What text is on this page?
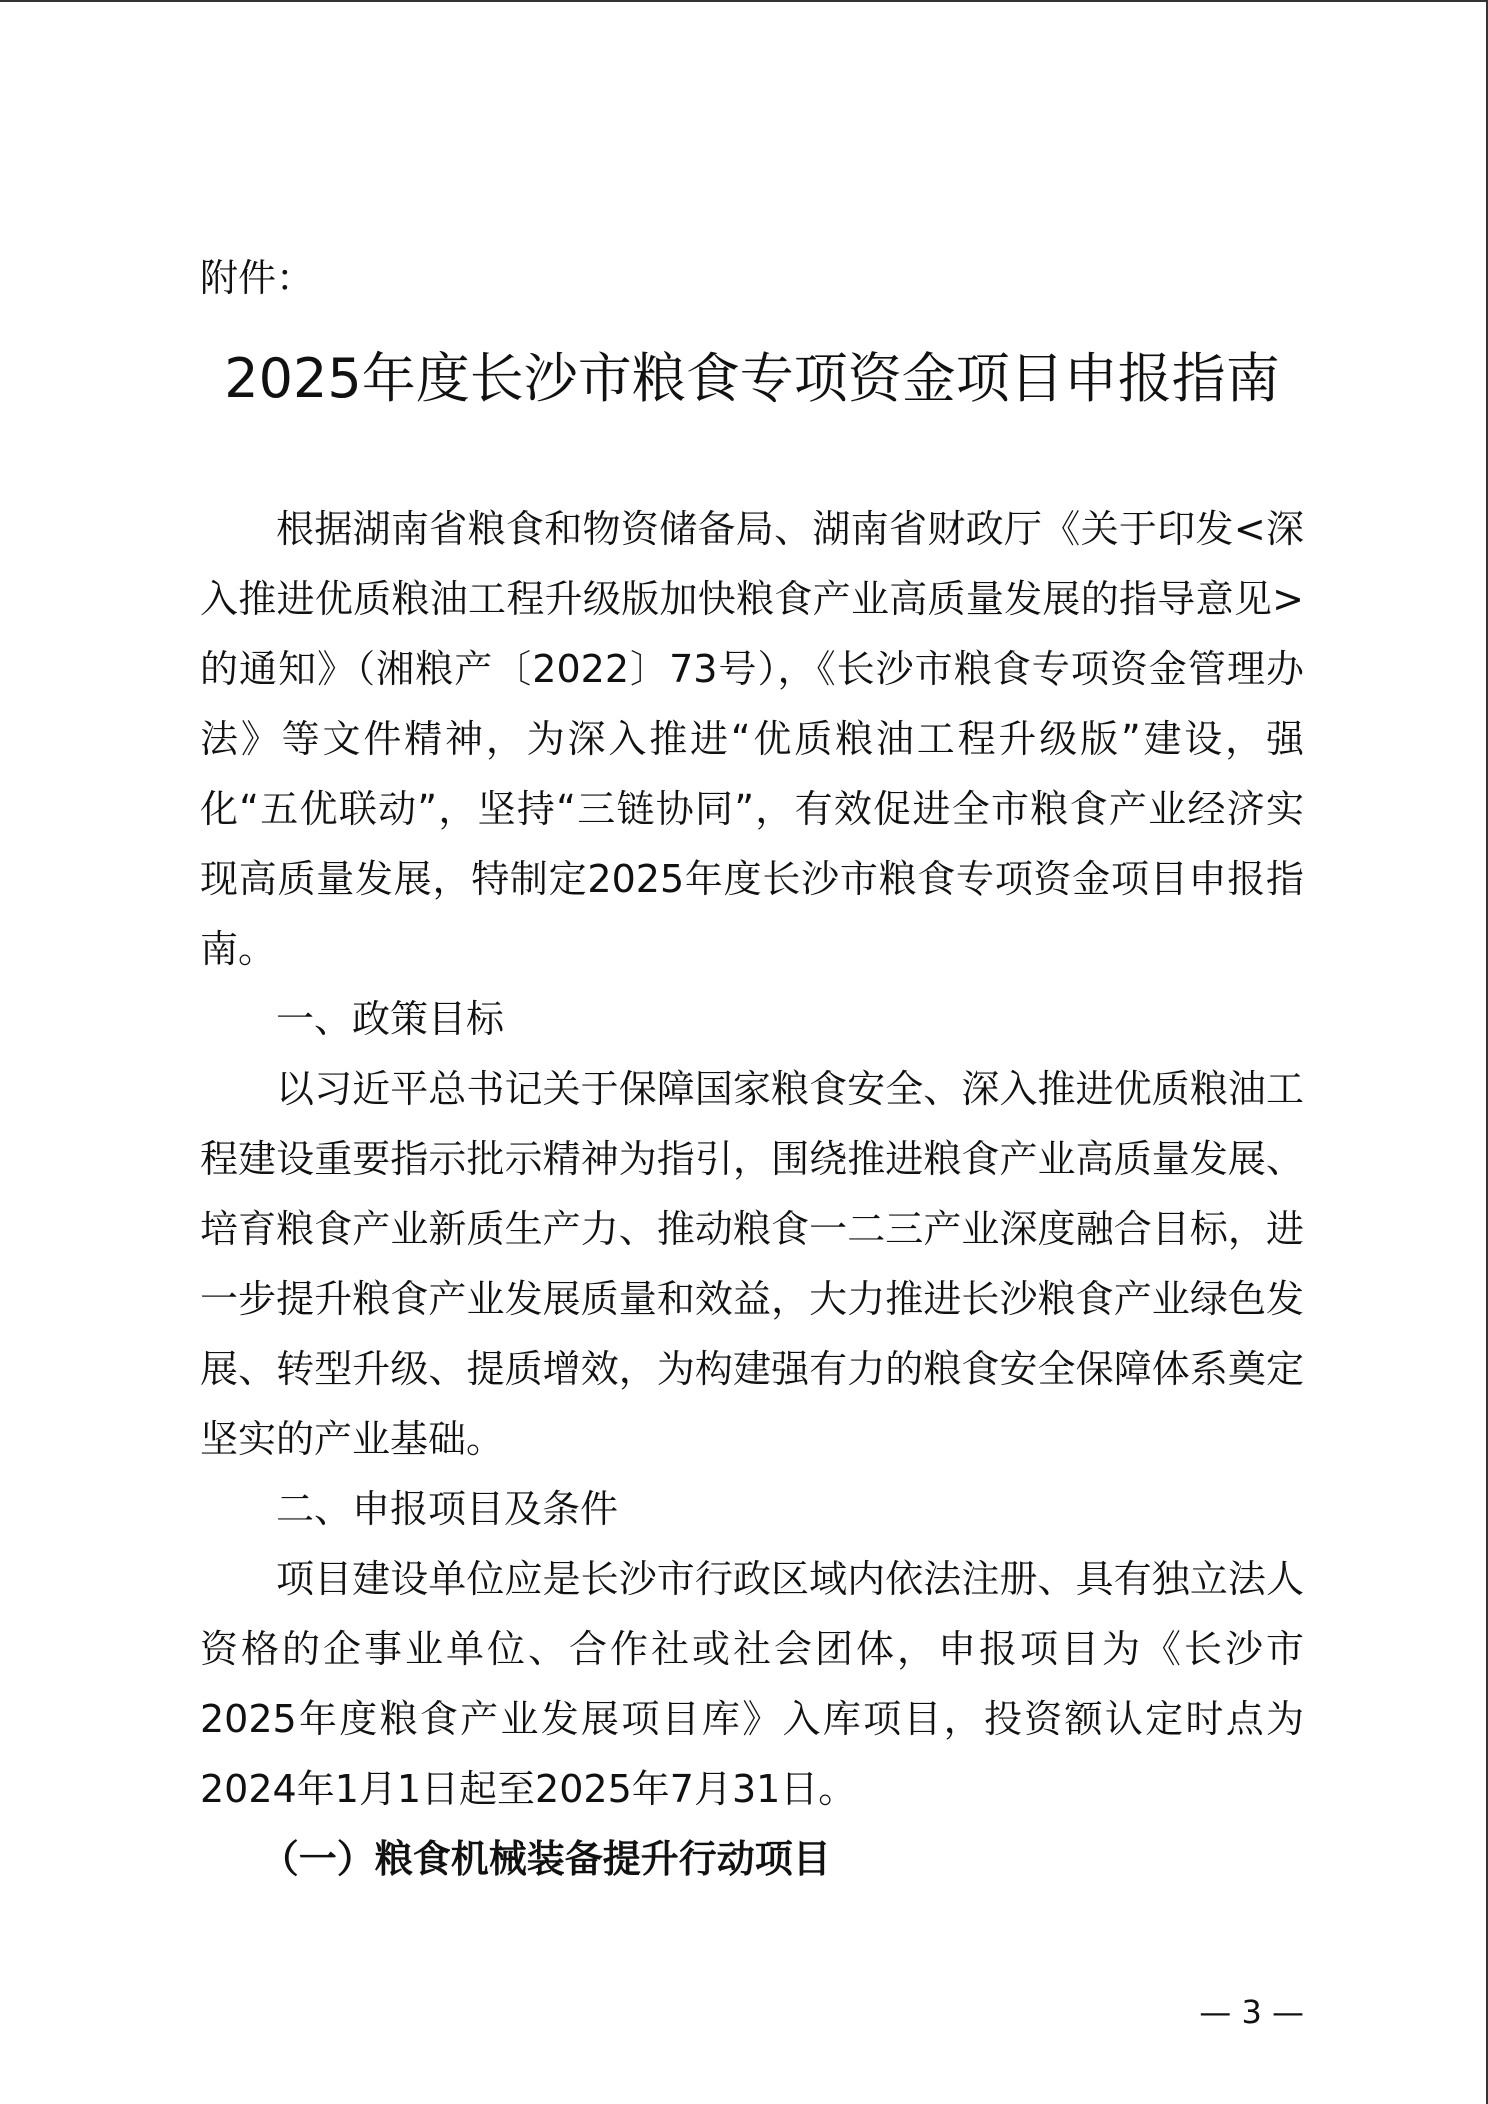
附件：
2025年度长沙市粮食专项资金项目申报指南

根据湖南省粮食和物资储备局、湖南省财政厅《关于印发<深入推进优质粮油工程升级版加快粮食产业高质量发展的指导意见>的通知》（湘粮产〔2022〕73号），《长沙市粮食专项资金管理办法》等文件精神，为深入推进“优质粮油工程升级版”建设，强化“五优联动”，坚持“三链协同”，有效促进全市粮食产业经济实现高质量发展，特制定2025年度长沙市粮食专项资金项目申报指南。

一、政策目标

以习近平总书记关于保障国家粮食安全、深入推进优质粮油工程建设重要指示批示精神为指引，围绕推进粮食产业高质量发展、培育粮食产业新质生产力、推动粮食一二三产业深度融合目标，进一步提升粮食产业发展质量和效益，大力推进长沙粮食产业绿色发展、转型升级、提质增效，为构建强有力的粮食安全保障体系奠定坚实的产业基础。

二、申报项目及条件

项目建设单位应是长沙市行政区域内依法注册、具有独立法人资格的企事业单位、合作社或社会团体，申报项目为《长沙市2025年度粮食产业发展项目库》入库项目，投资额认定时点为2024年1月1日起至2025年7月31日。

（一）粮食机械装备提升行动项目

— 3 —
